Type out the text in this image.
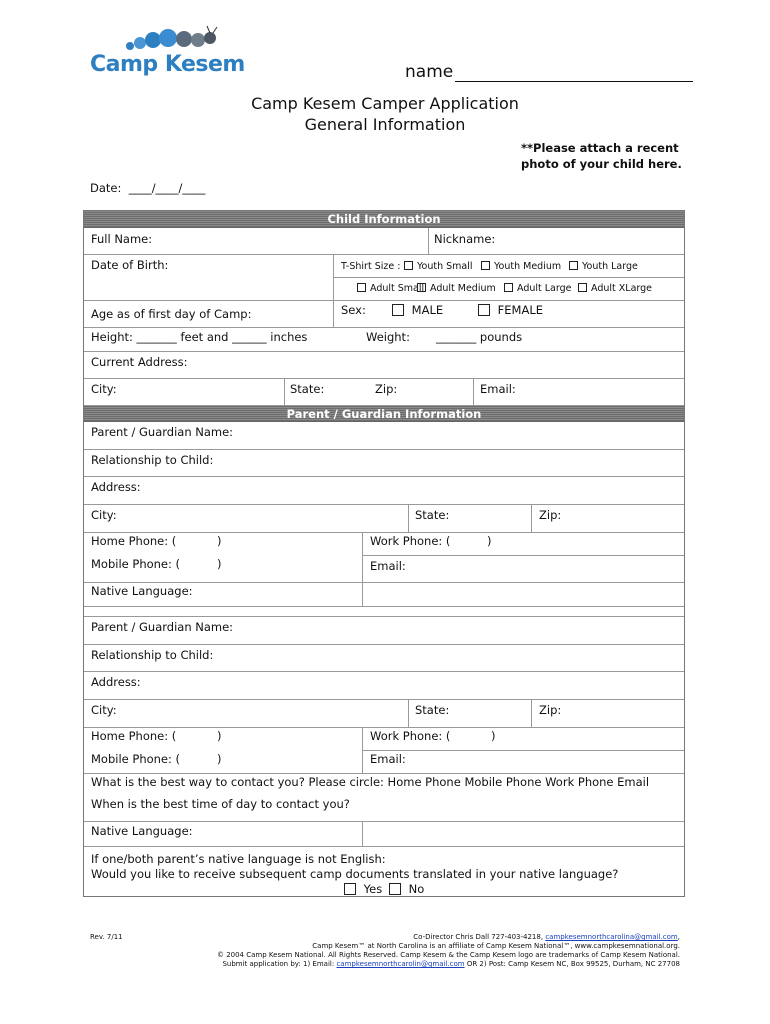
Camp Kesem	name
Camp Kesem Camper Application
General Information
**Please attach a recent
photo of your child here.
Date: ____/____/____
Child Information
Full Name:	Nickname:
Date of Birth:	T-Shirt Size :	Youth Small	Youth Medium	Youth Large
Adult Small Adult Medium	Adult Large	Adult XLarge
Age as of first day of Camp:	Sex:	MALE	FEMALE
Height: _______ feet and ______ inches	Weight: _______ pounds
Current Address:
City:	State:	Zip:	Email:
Parent / Guardian Information
Parent / Guardian Name:
Relationship to Child:
Address:
City:	State:	Zip:
Home Phone: (	)
Mobile Phone: (	)
Work Phone: (	)
Email:
Native Language:
Parent / Guardian Name:
Relationship to Child:
Address:
City:	State:	Zip:
Home Phone: (	)
Mobile Phone: (	)
Work Phone: (	)
Email:
What is the best way to contact you? Please circle: Home Phone Mobile Phone Work Phone Email
When is the best time of day to contact you?
Native Language:
If one/both parent’s native language is not English:
Would you like to receive subsequent camp documents translated in your native language?
Yes	No
Rev. 7/11	Co-Director Chris Dall 727-403-4218, campkesemnorthcarolina@gmail.com,
Camp Kesem™ at North Carolina is an affiliate of Camp Kesem National™, www.campkesemnational.org.
© 2004 Camp Kesem National. All Rights Reserved. Camp Kesem & the Camp Kesem logo are trademarks of Camp Kesem National.
Submit application by: 1) Email: campkesemnorthcarolin@gmail.com OR 2) Post: Camp Kesem NC, Box 99525, Durham, NC 27708
